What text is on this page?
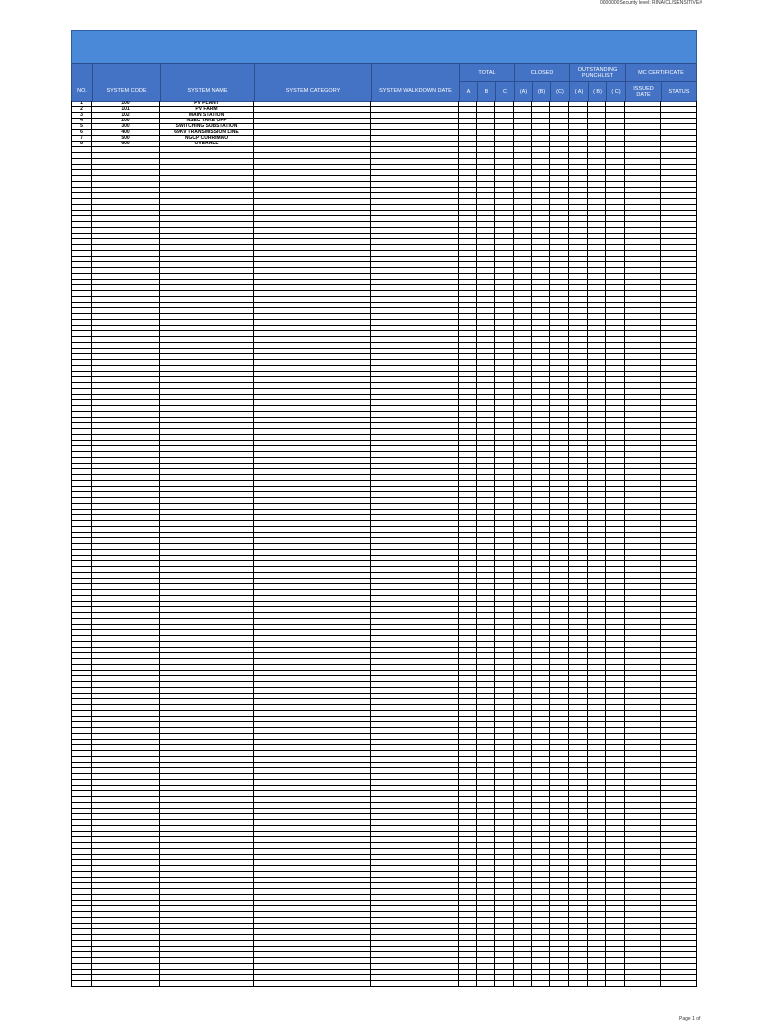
0000000Security level: RINA/CL/SENSITIVE#
TOTAL	CLOSED	OUTSTANDING PUNCHLIST	MC CERTIFICATE
NO.	SYSTEM CODE	SYSTEM NAME	SYSTEM CATEGORY	SYSTEM WALKDOWN DATE	A	B	C	(A)	(B)	(C)	( A)	( B)	( C)	ISSUED DATE	STATUS
1	100	PV PLANT
2	101	PV FARM
3	102	MAIN STATION
4	200	NSEC TAKE OFF
5	300	SWITCHING SUBSTATION
6	400	69Kv TRANSMISSION LINE
7	500	NGCP CURRIMAO
8	600	OVERALL
Page 1 of
